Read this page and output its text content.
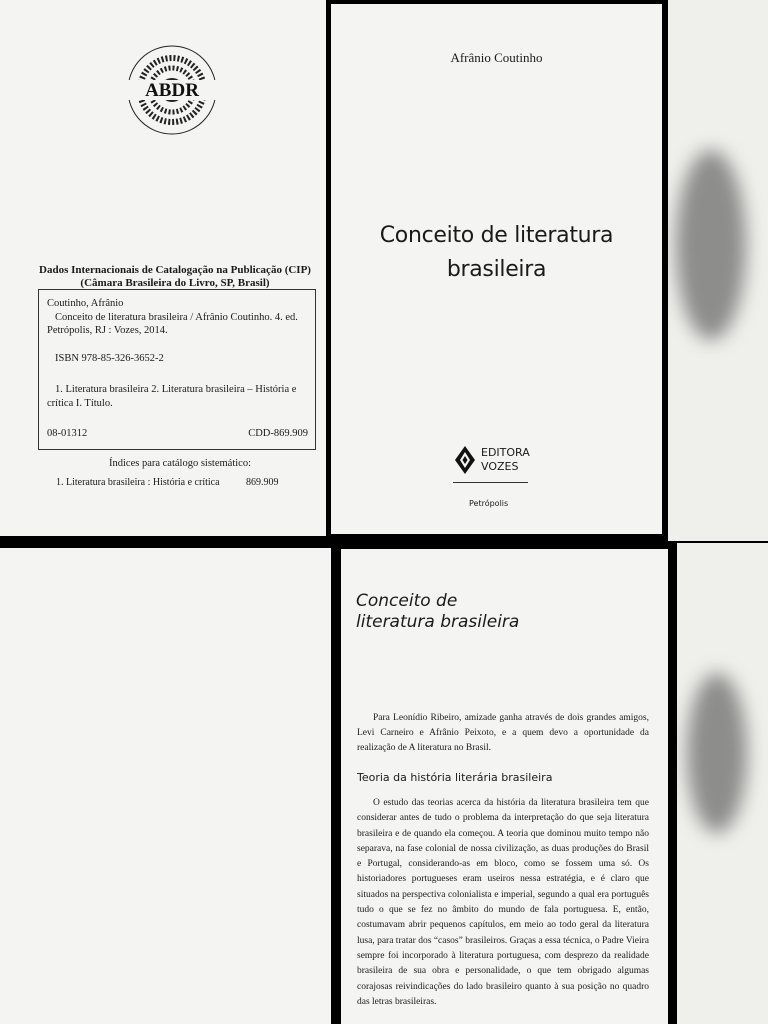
ABDR
Dados Internacionais de Catalogação na Publicação (CIP)
(Câmara Brasileira do Livro, SP, Brasil)
Coutinho, Afrânio
Conceito de literatura brasileira / Afrânio Coutinho. 4. ed.
Petrópolis, RJ : Vozes, 2014.
ISBN 978-85-326-3652-2
1. Literatura brasileira 2. Literatura brasileira – História e
crítica I. Título.
08-01312	CDD-869.909
Índices para catálogo sistemático:
1. Literatura brasileira : História e crítica	869.909
Afrânio Coutinho
Conceito de literatura
brasileira
EDITORA
VOZES
Petrópolis
Conceito de
literatura brasileira

Para Leonídio Ribeiro, amizade ganha através de dois grandes amigos, Levi Carneiro e Afrânio Peixoto, e a quem devo a oportunidade da realização de A literatura no Brasil.

Teoria da história literária brasileira

O estudo das teorias acerca da história da literatura brasileira tem que considerar antes de tudo o problema da interpretação do que seja literatura brasileira e de quando ela começou. A teoria que dominou muito tempo não separava, na fase colonial de nossa civilização, as duas produções do Brasil e Portugal, considerando-as em bloco, como se fossem uma só. Os historiadores portugueses eram useiros nessa estratégia, e é claro que situados na perspectiva colonialista e imperial, segundo a qual era português tudo o que se fez no âmbito do mundo de fala portuguesa. E, então, costumavam abrir pequenos capítulos, em meio ao todo geral da literatura lusa, para tratar dos “casos” brasileiros. Graças a essa técnica, o Padre Vieira sempre foi incorporado à literatura portuguesa, com desprezo da realidade brasileira de sua obra e personalidade, o que tem obrigado algumas corajosas reivindicações do lado brasileiro quanto à sua posição no quadro das letras brasileiras.
